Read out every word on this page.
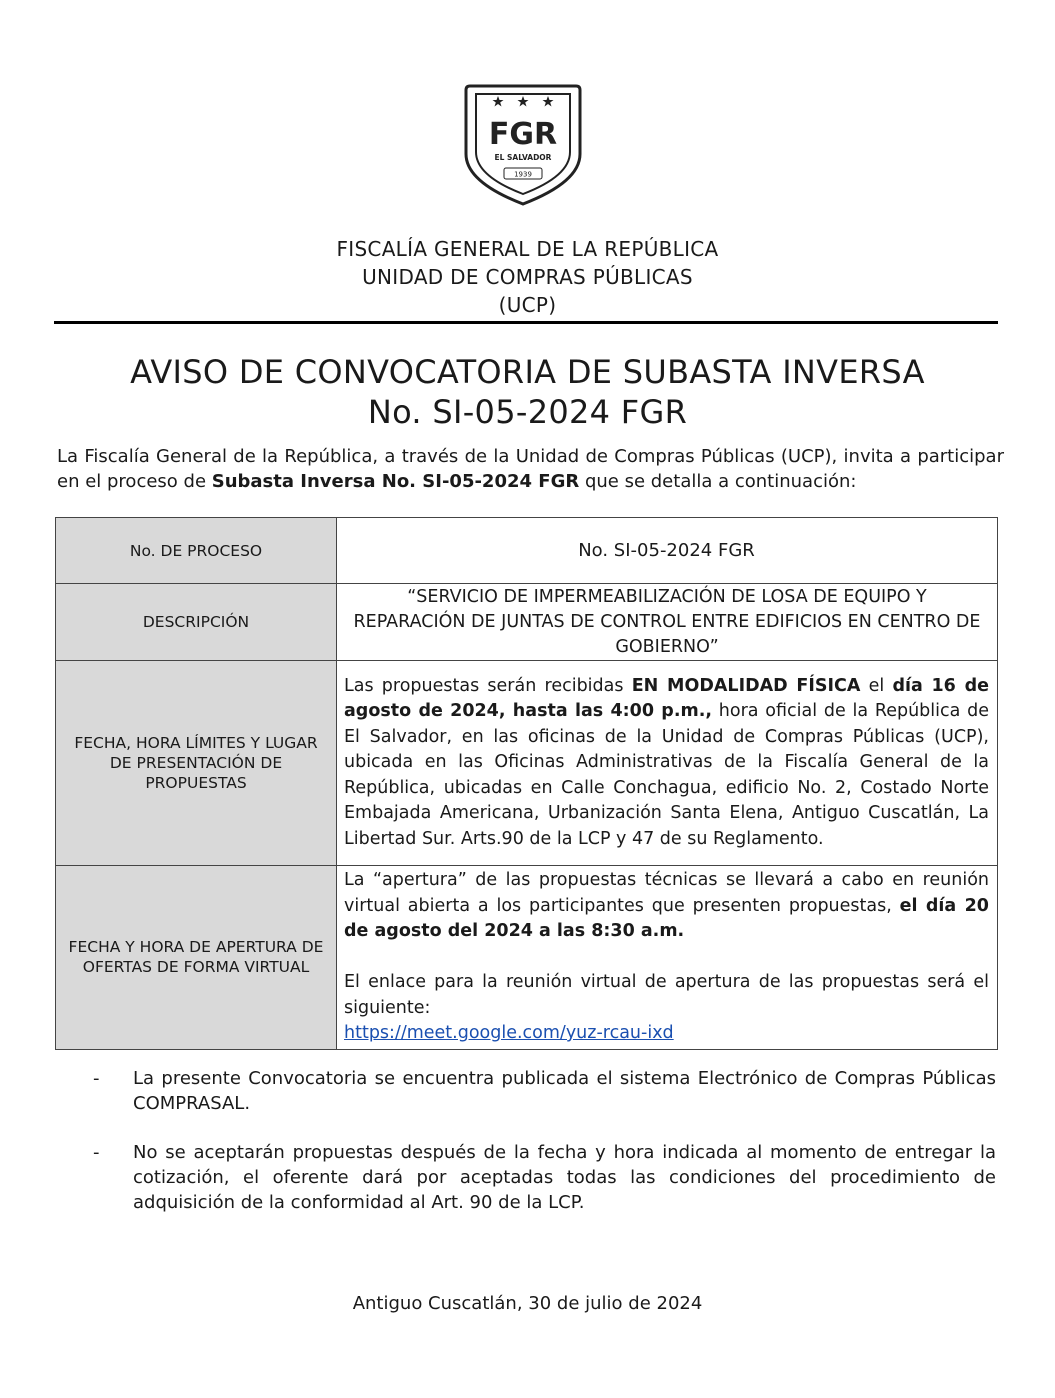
FGR
EL SALVADOR
1939
FISCALÍA GENERAL DE LA REPÚBLICA
UNIDAD DE COMPRAS PÚBLICAS
(UCP)
AVISO DE CONVOCATORIA DE SUBASTA INVERSA
No. SI-05-2024 FGR
La Fiscalía General de la República, a través de la Unidad de Compras Públicas (UCP), invita a participar en el proceso de Subasta Inversa No. SI-05-2024 FGR que se detalla a continuación:
No. DE PROCESO	No. SI-05-2024 FGR
DESCRIPCIÓN	“SERVICIO DE IMPERMEABILIZACIÓN DE LOSA DE EQUIPO Y REPARACIÓN DE JUNTAS DE CONTROL ENTRE EDIFICIOS EN CENTRO DE GOBIERNO”
FECHA, HORA LÍMITES Y LUGAR DE PRESENTACIÓN DE PROPUESTAS	Las propuestas serán recibidas EN MODALIDAD FÍSICA el día 16 de agosto de 2024, hasta las 4:00 p.m., hora oficial de la República de El Salvador, en las oficinas de la Unidad de Compras Públicas (UCP), ubicada en las Oficinas Administrativas de la Fiscalía General de la República, ubicadas en Calle Conchagua, edificio No. 2, Costado Norte Embajada Americana, Urbanización Santa Elena, Antiguo Cuscatlán, La Libertad Sur. Arts.90 de la LCP y 47 de su Reglamento.
FECHA Y HORA DE APERTURA DE OFERTAS DE FORMA VIRTUAL	La “apertura” de las propuestas técnicas se llevará a cabo en reunión virtual abierta a los participantes que presenten propuestas, el día 20 de agosto del 2024 a las 8:30 a.m.

El enlace para la reunión virtual de apertura de las propuestas será el siguiente:
https://meet.google.com/yuz-rcau-ixd
-	La presente Convocatoria se encuentra publicada el sistema Electrónico de Compras Públicas COMPRASAL.
-	No se aceptarán propuestas después de la fecha y hora indicada al momento de entregar la cotización, el oferente dará por aceptadas todas las condiciones del procedimiento de adquisición de la conformidad al Art. 90 de la LCP.
Antiguo Cuscatlán, 30 de julio de 2024
